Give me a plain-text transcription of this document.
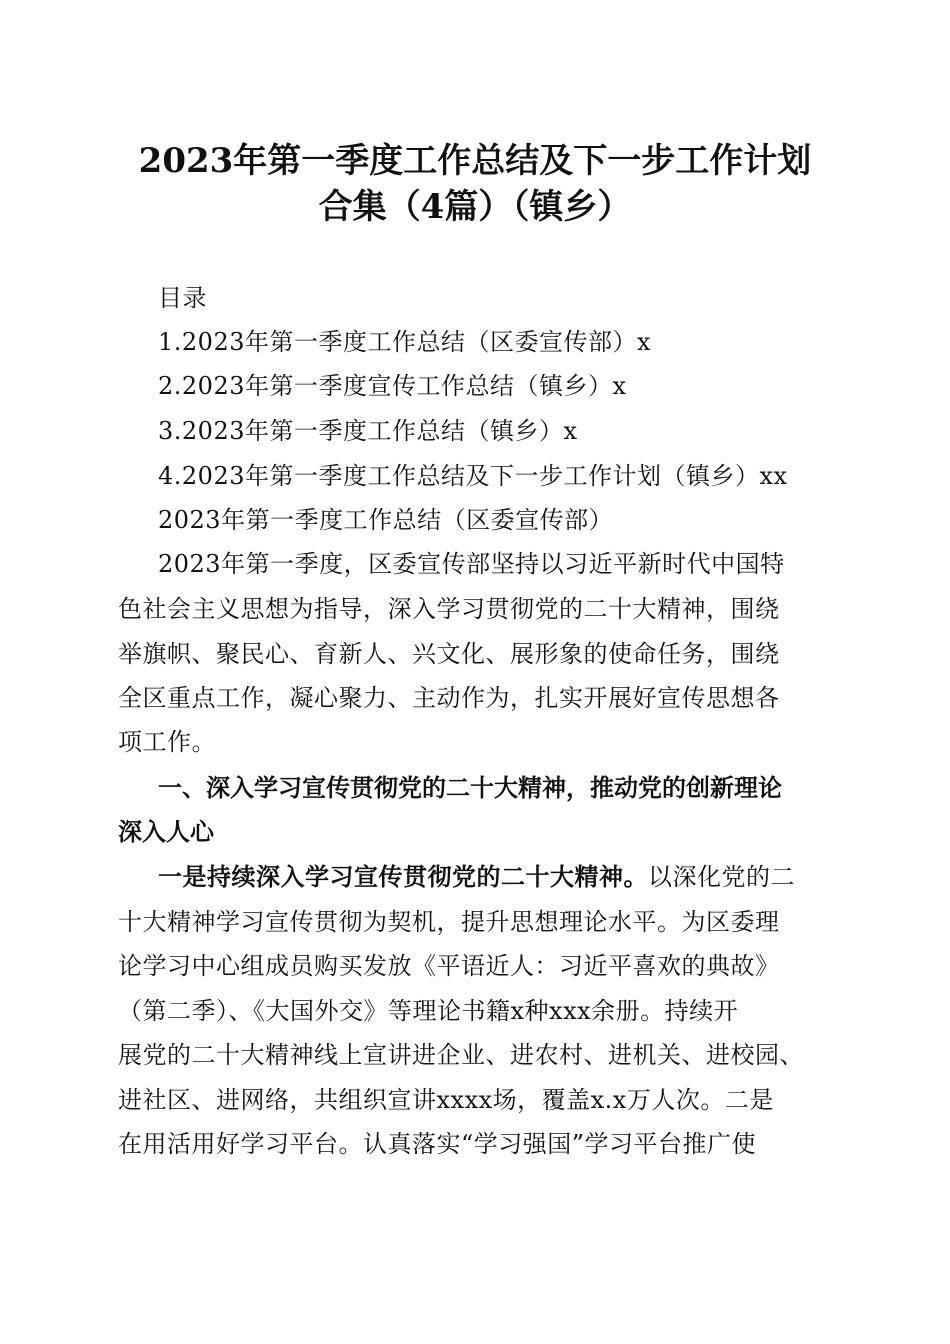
2023年第一季度工作总结及下一步工作计划
合集（4篇）（镇乡）
目录
1.2023年第一季度工作总结（区委宣传部）x
2.2023年第一季度宣传工作总结（镇乡）x
3.2023年第一季度工作总结（镇乡）x
4.2023年第一季度工作总结及下一步工作计划（镇乡）xx
2023年第一季度工作总结（区委宣传部）
2023年第一季度，区委宣传部坚持以习近平新时代中国特
色社会主义思想为指导，深入学习贯彻党的二十大精神，围绕
举旗帜、聚民心、育新人、兴文化、展形象的使命任务，围绕
全区重点工作，凝心聚力、主动作为，扎实开展好宣传思想各
项工作。
一、深入学习宣传贯彻党的二十大精神，推动党的创新理论
深入人心
一是持续深入学习宣传贯彻党的二十大精神。以深化党的二
十大精神学习宣传贯彻为契机，提升思想理论水平。为区委理
论学习中心组成员购买发放《平语近人：习近平喜欢的典故》
（第二季）、《大国外交》等理论书籍x种xxx余册。持续开
展党的二十大精神线上宣讲进企业、进农村、进机关、进校园、
进社区、进网络，共组织宣讲xxxx场，覆盖x.x万人次。二是
在用活用好学习平台。认真落实“学习强国”学习平台推广使
